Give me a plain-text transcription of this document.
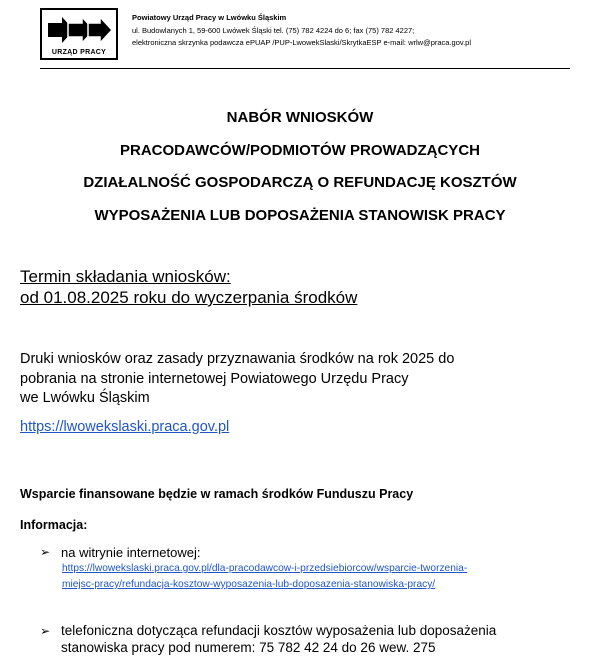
URZĄD PRACY
Powiatowy Urząd Pracy w Lwówku Śląskim
ul. Budowlanych 1, 59-600 Lwówek Śląski tel. (75) 782 4224 do 6; fax (75) 782 4227;
elektroniczna skrzynka podawcza ePUAP /PUP-LwowekSlaski/SkrytkaESP e-mail: wrlw@praca.gov.pl
NABÓR WNIOSKÓW
PRACODAWCÓW/PODMIOTÓW PROWADZĄCYCH
DZIAŁALNOŚĆ GOSPODARCZĄ O REFUNDACJĘ KOSZTÓW
WYPOSAŻENIA LUB DOPOSAŻENIA STANOWISK PRACY
Termin składania wniosków:
od 01.08.2025 roku do wyczerpania środków
Druki wniosków oraz zasady przyznawania środków na rok 2025 do
pobrania na stronie internetowej Powiatowego Urzędu Pracy
we Lwówku Śląskim
https://lwowekslaski.praca.gov.pl
Wsparcie finansowane będzie w ramach środków Funduszu Pracy
Informacja:
➢ na witrynie internetowej:
https://lwowekslaski.praca.gov.pl/dla-pracodawcow-i-przedsiebiorcow/wsparcie-tworzenia-
miejsc-pracy/refundacja-kosztow-wyposazenia-lub-doposazenia-stanowiska-pracy/
➢ telefoniczna dotycząca refundacji kosztów wyposażenia lub doposażenia
stanowiska pracy pod numerem: 75 782 42 24 do 26 wew. 275
